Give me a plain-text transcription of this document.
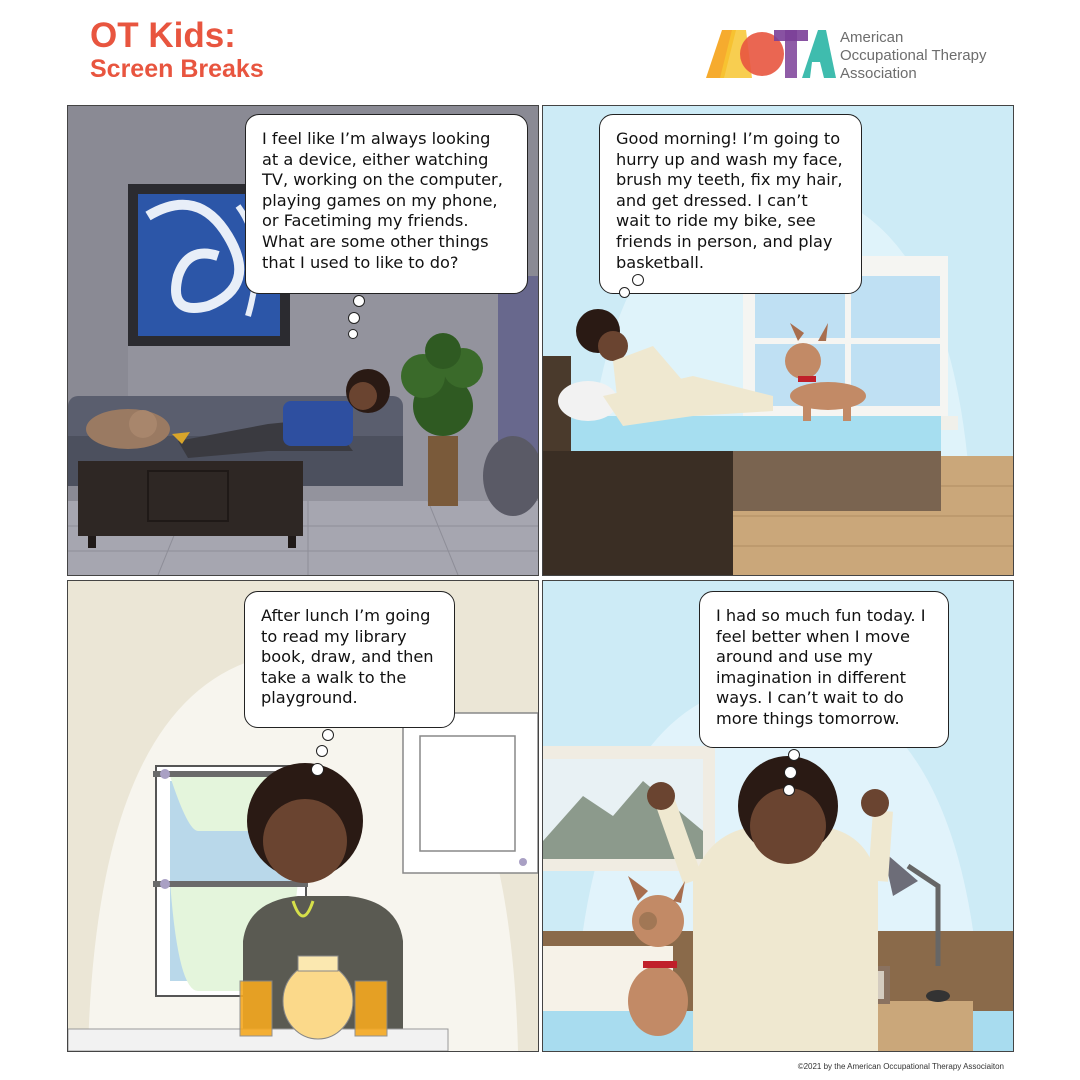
OT Kids:
Screen Breaks
American
Occupational Therapy
Association
I feel like I’m always looking at a device, either watching TV, working on the computer, playing games on my phone, or Facetiming my friends. What are some other things that I used to like to do?
Good morning! I’m going to hurry up and wash my face, brush my teeth, fix my hair, and get dressed. I can’t wait to ride my bike, see friends in person, and play basketball.
After lunch I’m going to read my library book, draw, and then take a walk to the playground.
I had so much fun today. I feel better when I move around and use my imagination in different ways. I can’t wait to do more things tomorrow.
©2021 by the American Occupational Therapy Associaiton
